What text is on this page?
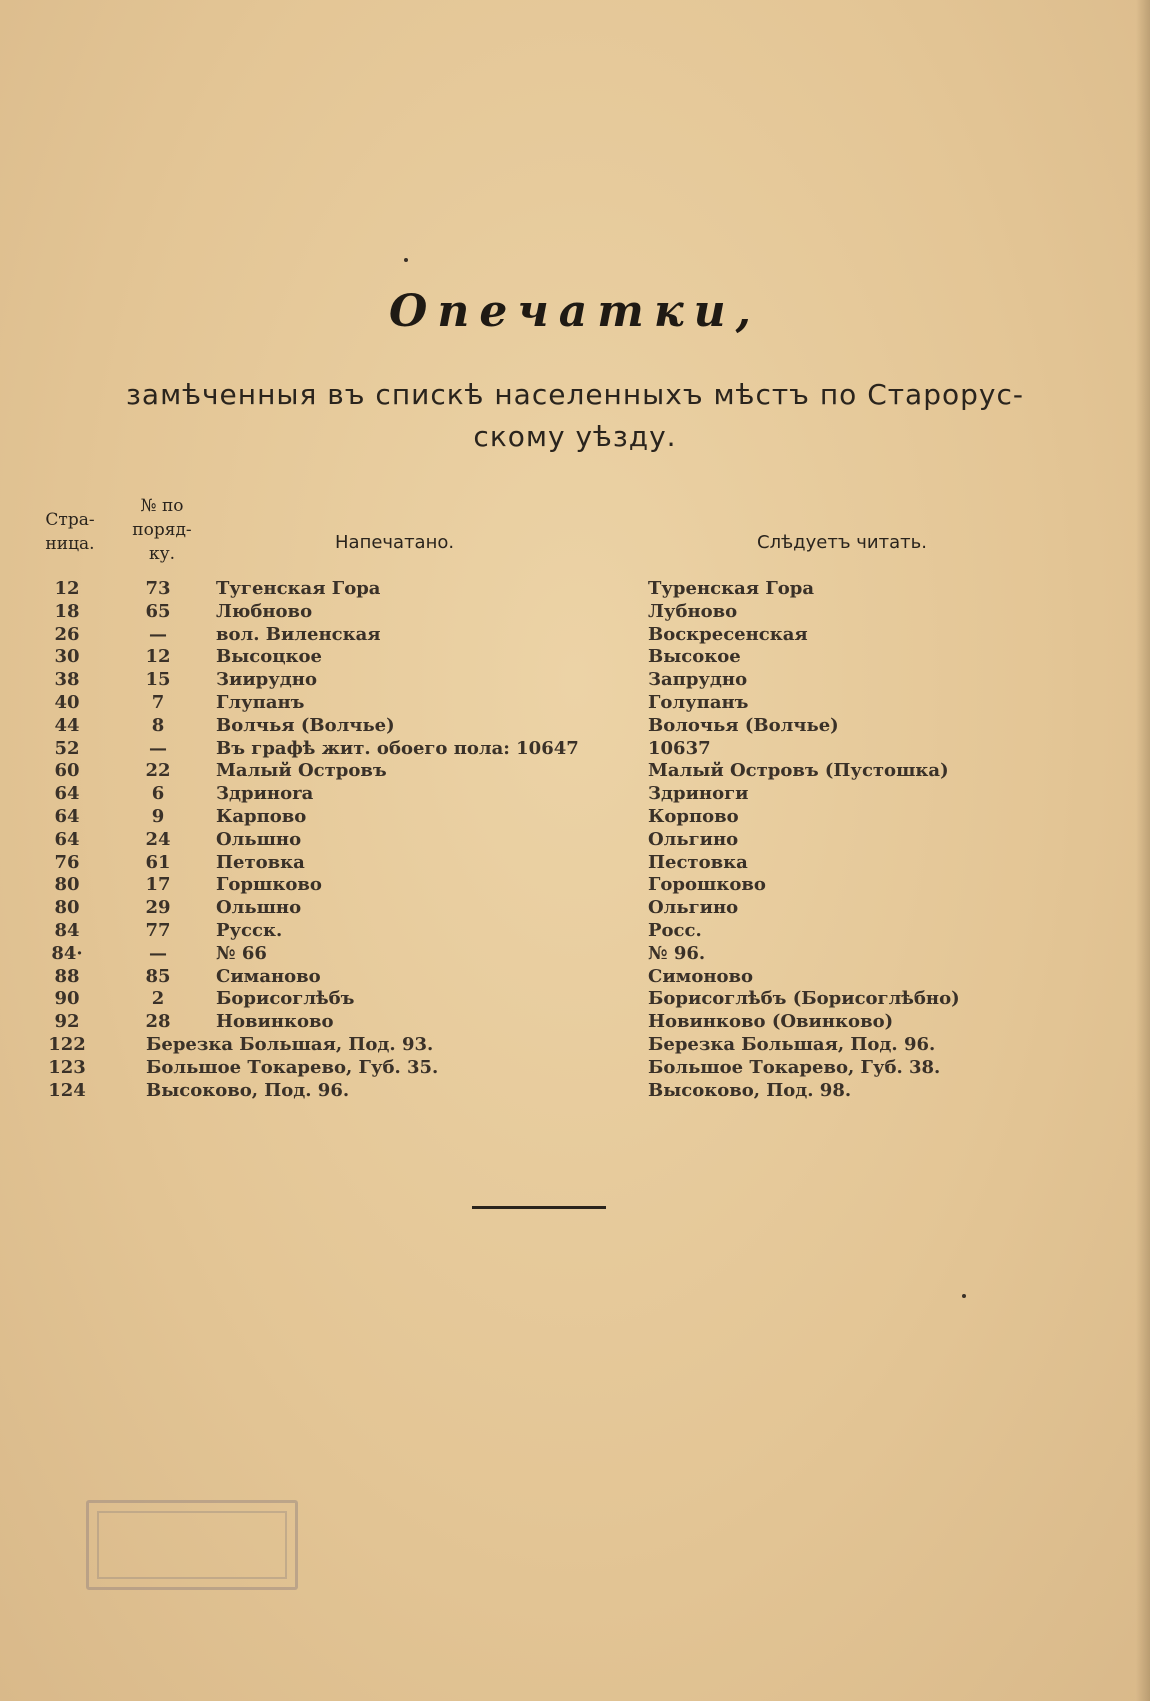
Опечатки,
замѣченныя въ спискѣ населенныхъ мѣстъ по Старорус-
скому уѣзду.
Стра-
ница.
№ по
поряд-
ку.
Напечатано.	Слѣдуетъ читать.
12	73	Тугенская Гора	Туренская Гора
18	65	Любново	Лубново
26	—	вол. Виленская	Воскресенская
30	12	Высоцкое	Высокое
38	15	Зиирудно	Запрудно
40	7	Глупанъ	Голупанъ
44	8	Волчья (Волчье)	Волочья (Волчье)
52	—	Въ графѣ жит. обоего пола: 10647	10637
60	22	Малый Островъ	Малый Островъ (Пустошка)
64	6	Здриноrа	Здриноги
64	9	Карпово	Корпово
64	24	Ольшно	Ольгино
76	61	Петовка	Пестовка
80	17	Горшково	Горошково
80	29	Ольшно	Ольгино
84	77	Русск.	Росс.
84·	—	№ 66	№ 96.
88	85	Симаново	Симоново
90	2	Борисоглѣбъ	Борисоглѣбъ (Борисоглѣбно)
92	28	Новинково	Новинково (Овинково)
122	Березка Большая, Под. 93.	Березка Большая, Под. 96.
123	Большое Токарево, Губ. 35.	Большое Токарево, Губ. 38.
124	Высоково, Под. 96.	Высоково, Под. 98.
